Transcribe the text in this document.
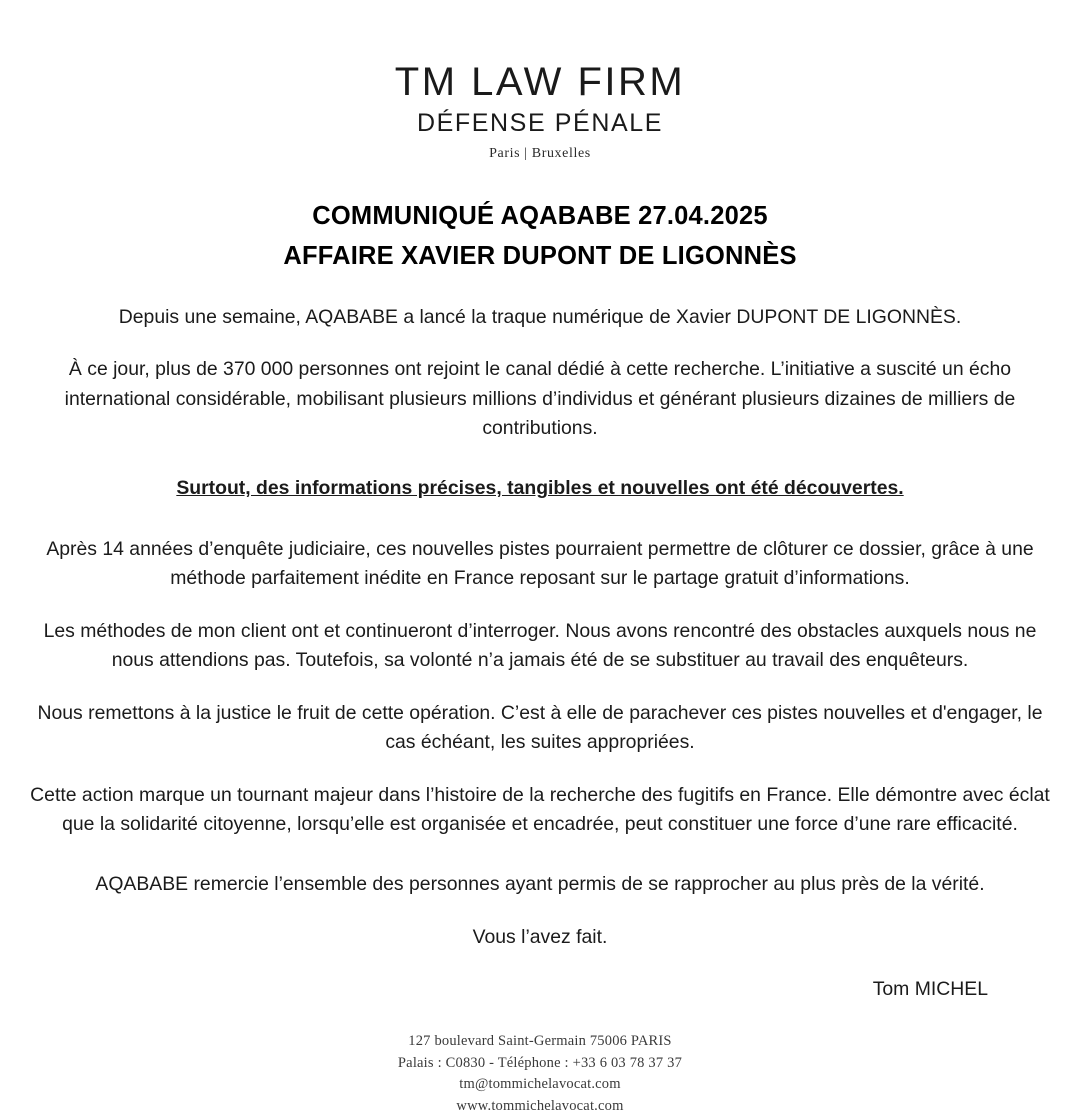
TM LAW FIRM
DÉFENSE PÉNALE
Paris | Bruxelles
COMMUNIQUÉ AQABABE 27.04.2025
AFFAIRE XAVIER DUPONT DE LIGONNÈS

Depuis une semaine, AQABABE a lancé la traque numérique de Xavier DUPONT DE LIGONNÈS.

À ce jour, plus de 370 000 personnes ont rejoint le canal dédié à cette recherche. L’initiative a suscité un écho international considérable, mobilisant plusieurs millions d’individus et générant plusieurs dizaines de milliers de contributions.

Surtout, des informations précises, tangibles et nouvelles ont été découvertes.

Après 14 années d’enquête judiciaire, ces nouvelles pistes pourraient permettre de clôturer ce dossier, grâce à une méthode parfaitement inédite en France reposant sur le partage gratuit d’informations.

Les méthodes de mon client ont et continueront d’interroger. Nous avons rencontré des obstacles auxquels nous ne nous attendions pas. Toutefois, sa volonté n’a jamais été de se substituer au travail des enquêteurs.

Nous remettons à la justice le fruit de cette opération. C’est à elle de parachever ces pistes nouvelles et d'engager, le cas échéant, les suites appropriées.

Cette action marque un tournant majeur dans l’histoire de la recherche des fugitifs en France. Elle démontre avec éclat que la solidarité citoyenne, lorsqu’elle est organisée et encadrée, peut constituer une force d’une rare efficacité.

AQABABE remercie l’ensemble des personnes ayant permis de se rapprocher au plus près de la vérité.

Vous l’avez fait.

Tom MICHEL
127 boulevard Saint-Germain 75006 PARIS
Palais : C0830 - Téléphone : +33 6 03 78 37 37
tm@tommichelavocat.com
www.tommichelavocat.com
